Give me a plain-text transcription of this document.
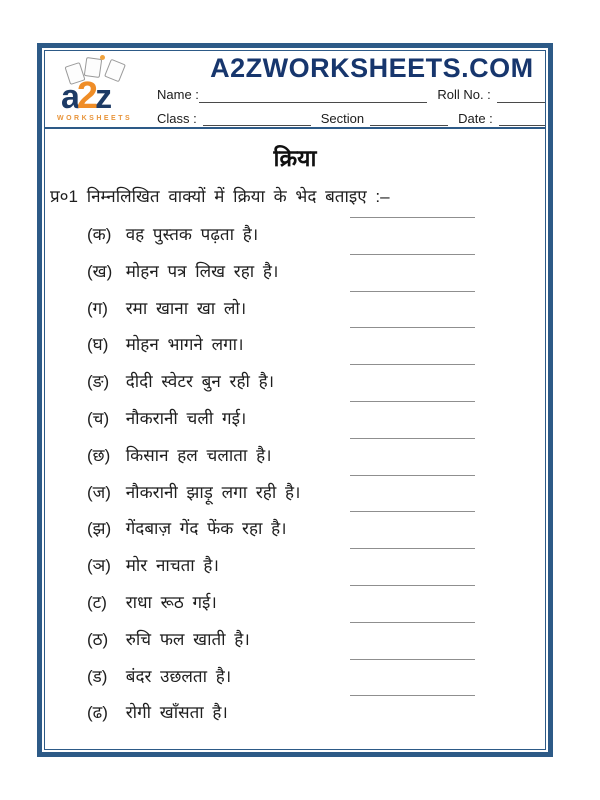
a2z
WORKSHEETS
A2ZWORKSHEETS.COM
Name :	Roll No. :
Class :	Section	Date :
क्रिया
प्र०1 निम्नलिखित वाक्यों में क्रिया के भेद बताइए :–
(क) वह पुस्तक पढ़ता है।
(ख) मोहन पत्र लिख रहा है।
(ग) रमा खाना खा लो।
(घ) मोहन भागने लगा।
(ङ) दीदी स्वेटर बुन रही है।
(च) नौकरानी चली गई।
(छ) किसान हल चलाता है।
(ज) नौकरानी झाड़ू लगा रही है।
(झ) गेंदबाज़ गेंद फेंक रहा है।
(ञ) मोर नाचता है।
(ट) राधा रूठ गई।
(ठ) रुचि फल खाती है।
(ड) बंदर उछलता है।
(ढ) रोगी खाँसता है।
